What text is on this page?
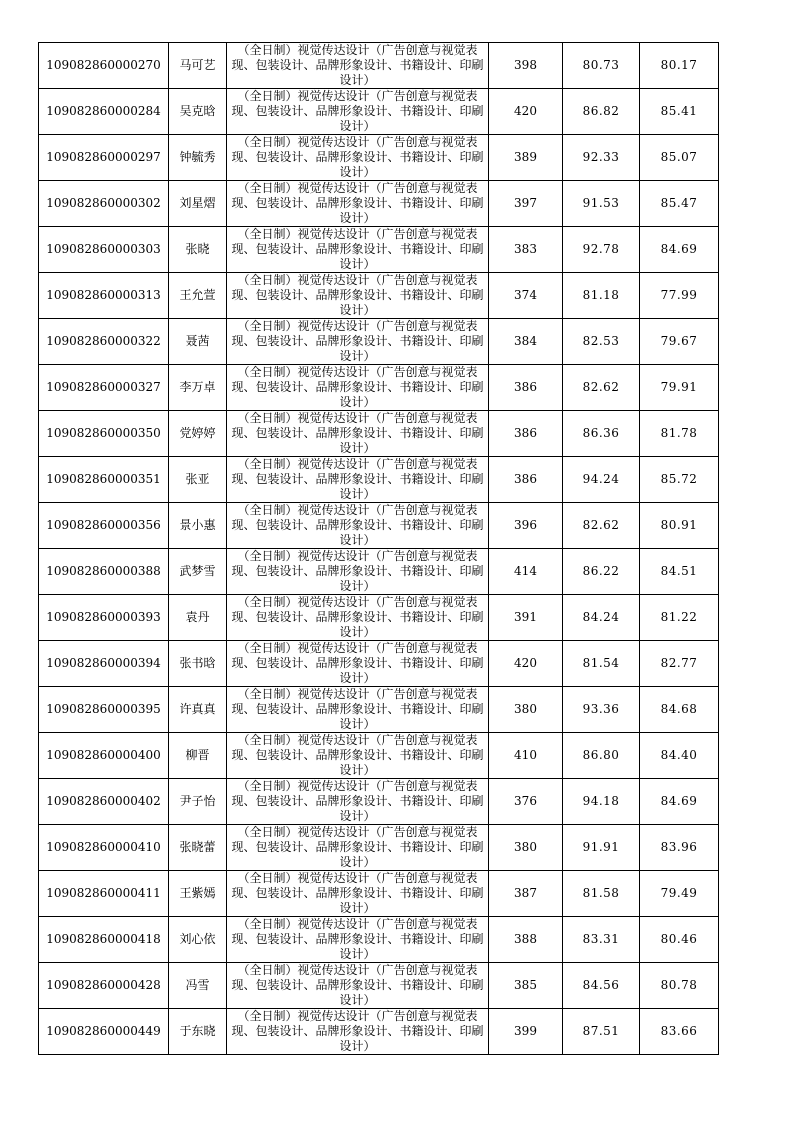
109082860000270	马可艺	（全日制）视觉传达设计（广告创意与视觉表现、包装设计、品牌形象设计、书籍设计、印刷设计）	398	80.73	80.17
109082860000284	吴克晗	（全日制）视觉传达设计（广告创意与视觉表现、包装设计、品牌形象设计、书籍设计、印刷设计）	420	86.82	85.41
109082860000297	钟毓秀	（全日制）视觉传达设计（广告创意与视觉表现、包装设计、品牌形象设计、书籍设计、印刷设计）	389	92.33	85.07
109082860000302	刘星熠	（全日制）视觉传达设计（广告创意与视觉表现、包装设计、品牌形象设计、书籍设计、印刷设计）	397	91.53	85.47
109082860000303	张晓	（全日制）视觉传达设计（广告创意与视觉表现、包装设计、品牌形象设计、书籍设计、印刷设计）	383	92.78	84.69
109082860000313	王允萱	（全日制）视觉传达设计（广告创意与视觉表现、包装设计、品牌形象设计、书籍设计、印刷设计）	374	81.18	77.99
109082860000322	聂茜	（全日制）视觉传达设计（广告创意与视觉表现、包装设计、品牌形象设计、书籍设计、印刷设计）	384	82.53	79.67
109082860000327	李万卓	（全日制）视觉传达设计（广告创意与视觉表现、包装设计、品牌形象设计、书籍设计、印刷设计）	386	82.62	79.91
109082860000350	党婷婷	（全日制）视觉传达设计（广告创意与视觉表现、包装设计、品牌形象设计、书籍设计、印刷设计）	386	86.36	81.78
109082860000351	张亚	（全日制）视觉传达设计（广告创意与视觉表现、包装设计、品牌形象设计、书籍设计、印刷设计）	386	94.24	85.72
109082860000356	景小惠	（全日制）视觉传达设计（广告创意与视觉表现、包装设计、品牌形象设计、书籍设计、印刷设计）	396	82.62	80.91
109082860000388	武梦雪	（全日制）视觉传达设计（广告创意与视觉表现、包装设计、品牌形象设计、书籍设计、印刷设计）	414	86.22	84.51
109082860000393	袁丹	（全日制）视觉传达设计（广告创意与视觉表现、包装设计、品牌形象设计、书籍设计、印刷设计）	391	84.24	81.22
109082860000394	张书晗	（全日制）视觉传达设计（广告创意与视觉表现、包装设计、品牌形象设计、书籍设计、印刷设计）	420	81.54	82.77
109082860000395	许真真	（全日制）视觉传达设计（广告创意与视觉表现、包装设计、品牌形象设计、书籍设计、印刷设计）	380	93.36	84.68
109082860000400	柳晋	（全日制）视觉传达设计（广告创意与视觉表现、包装设计、品牌形象设计、书籍设计、印刷设计）	410	86.80	84.40
109082860000402	尹子怡	（全日制）视觉传达设计（广告创意与视觉表现、包装设计、品牌形象设计、书籍设计、印刷设计）	376	94.18	84.69
109082860000410	张晓蕾	（全日制）视觉传达设计（广告创意与视觉表现、包装设计、品牌形象设计、书籍设计、印刷设计）	380	91.91	83.96
109082860000411	王紫嫣	（全日制）视觉传达设计（广告创意与视觉表现、包装设计、品牌形象设计、书籍设计、印刷设计）	387	81.58	79.49
109082860000418	刘心依	（全日制）视觉传达设计（广告创意与视觉表现、包装设计、品牌形象设计、书籍设计、印刷设计）	388	83.31	80.46
109082860000428	冯雪	（全日制）视觉传达设计（广告创意与视觉表现、包装设计、品牌形象设计、书籍设计、印刷设计）	385	84.56	80.78
109082860000449	于东晓	（全日制）视觉传达设计（广告创意与视觉表现、包装设计、品牌形象设计、书籍设计、印刷设计）	399	87.51	83.66
